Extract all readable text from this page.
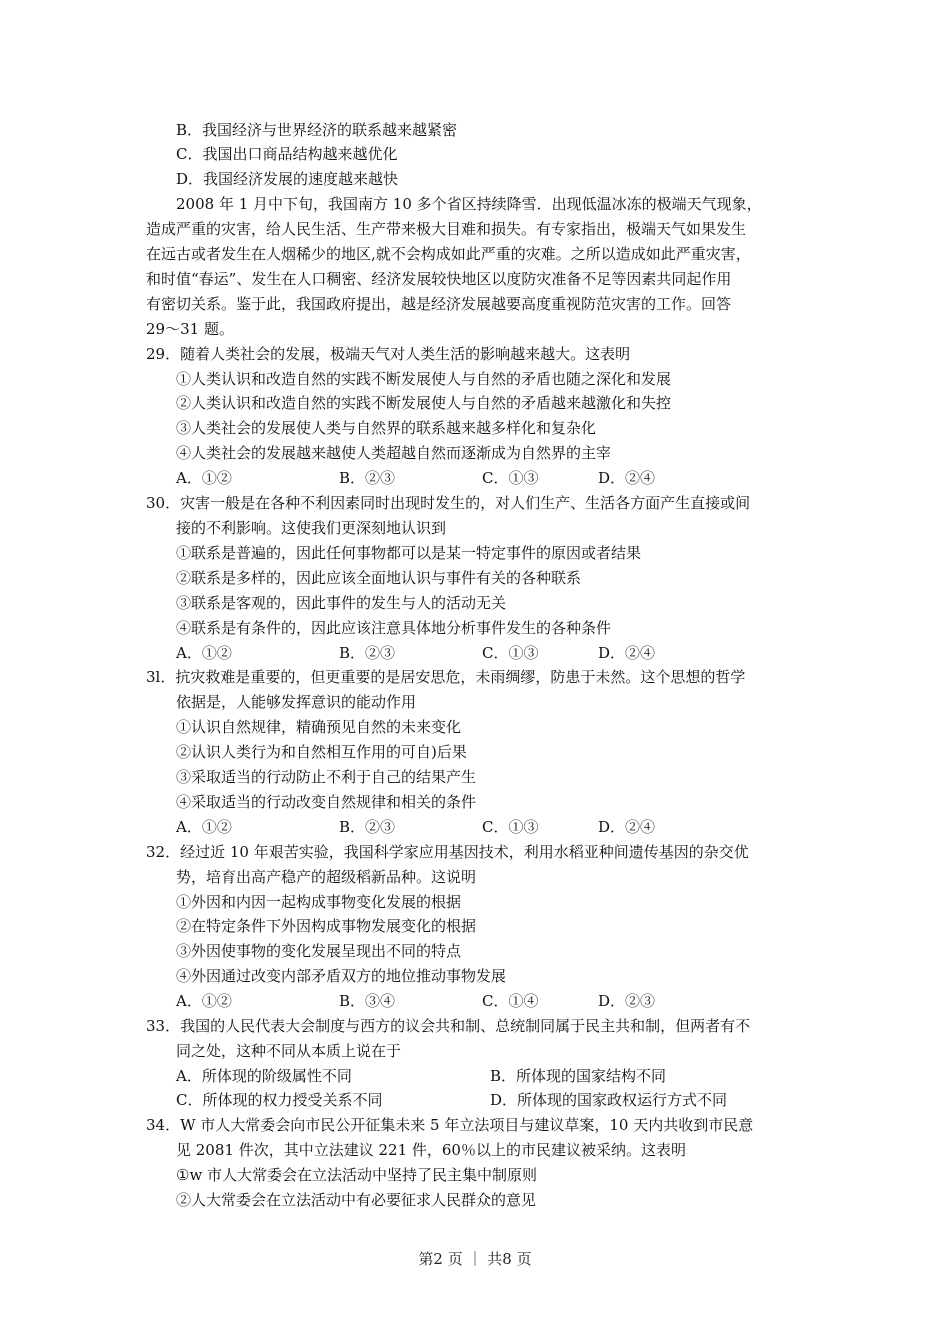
B．我国经济与世界经济的联系越来越紧密
C．我国出口商品结构越来越优化
D．我国经济发展的速度越来越快
2008 年 1 月中下旬，我国南方 10 多个省区持续降雪．出现低温冰冻的极端天气现象，
造成严重的灾害，给人民生活、生产带来极大目难和损失。有专家指出，极端天气如果发生
在远古或者发生在人烟稀少的地区,就不会构成如此严重的灾难。之所以造成如此严重灾害，
和时值“春运”、发生在人口稠密、经济发展较快地区以度防灾准备不足等因素共同起作用
有密切关系。鉴于此，我国政府提出，越是经济发展越要高度重视防范灾害的工作。回答
29～31 题。
29．随着人类社会的发展，极端天气对人类生活的影响越来越大。这表明
①人类认识和改造自然的实践不断发展使人与自然的矛盾也随之深化和发展
②人类认识和改造自然的实践不断发展使人与自然的矛盾越来越激化和失控
③人类社会的发展使人类与自然界的联系越来越多样化和复杂化
④人类社会的发展越来越使人类超越自然而逐渐成为自然界的主宰
A．①②	B．②③	C．①③	D．②④
30．灾害一般是在各种不利因素同时出现时发生的，对人们生产、生活各方面产生直接或间
接的不利影响。这使我们更深刻地认识到
①联系是普遍的，因此任何事物都可以是某一特定事件的原因或者结果
②联系是多样的，因此应该全面地认识与事件有关的各种联系
③联系是客观的，因此事件的发生与人的活动无关
④联系是有条件的，因此应该注意具体地分析事件发生的各种条件
A．①②	B．②③	C．①③	D．②④
3l．抗灾救难是重要的，但更重要的是居安思危，未雨绸缪，防患于未然。这个思想的哲学
依据是，人能够发挥意识的能动作用
①认识自然规律，精确预见自然的未来变化
②认识人类行为和自然相互作用的可自)后果
③采取适当的行动防止不利于自己的结果产生
④采取适当的行动改变自然规律和相关的条件
A．①②	B．②③	C．①③	D．②④
32．经过近 10 年艰苦实验，我国科学家应用基因技术，利用水稻亚种间遗传基因的杂交优
势，培育出高产稳产的超级稻新品种。这说明
①外因和内因一起构成事物变化发展的根据
②在特定条件下外因构成事物发展变化的根据
③外因使事物的变化发展呈现出不同的特点
④外因通过改变内部矛盾双方的地位推动事物发展
A．①②	B．③④	C．①④	D．②③
33．我国的人民代表大会制度与西方的议会共和制、总统制同属于民主共和制，但两者有不
同之处，这种不同从本质上说在于
A．所体现的阶级属性不同	B．所体现的国家结构不同
C．所体现的权力授受关系不同	D．所体现的国家政权运行方式不同
34．W 市人大常委会向市民公开征集未来 5 年立法项目与建议草案，10 天内共收到市民意
见 2081 件次，其中立法建议 221 件，60％以上的市民建议被采纳。这表明
①w 市人大常委会在立法活动中坚持了民主集中制原则
②人大常委会在立法活动中有必要征求人民群众的意见
第2 页 ｜ 共8 页
